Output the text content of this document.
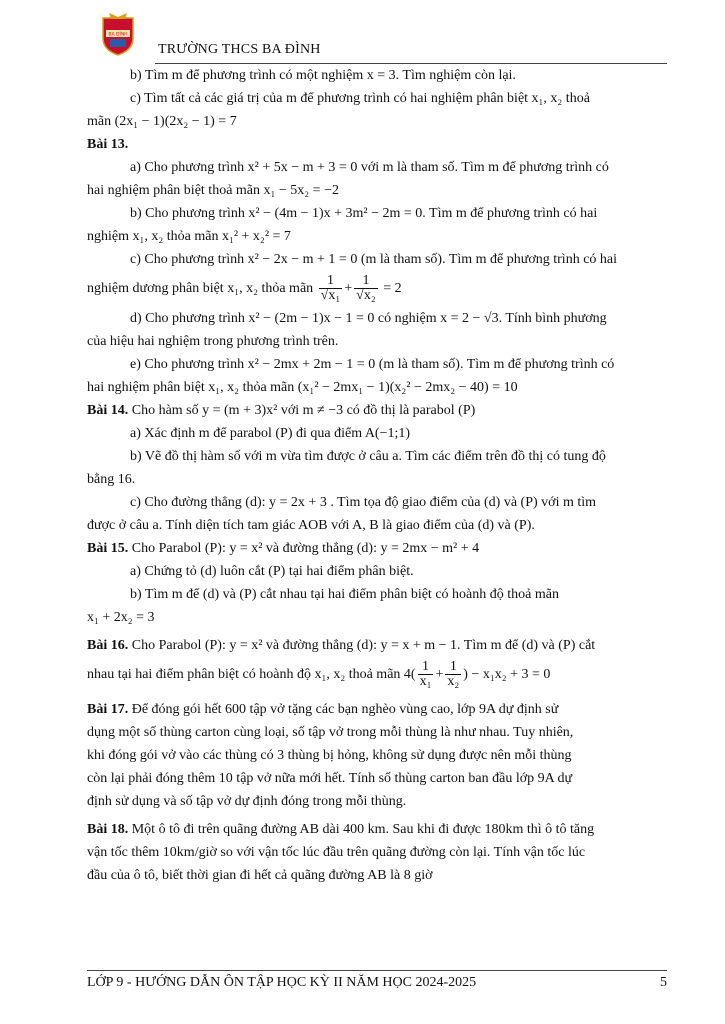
BA ĐÌNH
TRƯỜNG THCS BA ĐÌNH

b) Tìm m để phương trình có một nghiệm x = 3. Tìm nghiệm còn lại.

c) Tìm tất cả các giá trị của m để phương trình có hai nghiệm phân biệt x₁, x₂ thoả

mãn (2x₁ − 1)(2x₂ − 1) = 7

Bài 13.

a) Cho phương trình x² + 5x − m + 3 = 0 với m là tham số. Tìm m để phương trình có

hai nghiệm phân biệt thoả mãn x₁ − 5x₂ = −2

b) Cho phương trình x² − (4m − 1)x + 3m² − 2m = 0. Tìm m để phương trình có hai

nghiệm x₁, x₂ thỏa mãn x₁² + x₂² = 7

c) Cho phương trình x² − 2x − m + 1 = 0 (m là tham số). Tìm m để phương trình có hai

nghiệm dương phân biệt x₁, x₂ thỏa mãn $\frac{1}{\text{√x₁}} + \frac{1}{\text{√x₂}} = 2$

d) Cho phương trình x² − (2m − 1)x − 1 = 0 có nghiệm x = 2 − √3. Tính bình phương

của hiệu hai nghiệm trong phương trình trên.

e) Cho phương trình x² − 2mx + 2m − 1 = 0 (m là tham số). Tìm m để phương trình có

hai nghiệm phân biệt x₁, x₂ thỏa mãn (x₁² − 2mx₁ − 1)(x₂² − 2mx₂ − 40) = 10

Bài 14. Cho hàm số y = (m + 3)x² với m ≠ −3 có đồ thị là parabol (P)

a) Xác định m để parabol (P) đi qua điểm A(−1;1)

b) Vẽ đồ thị hàm số với m vừa tìm được ở câu a. Tìm các điểm trên đồ thị có tung độ

bằng 16.

c) Cho đường thẳng (d): y = 2x + 3 . Tìm tọa độ giao điểm của (d) và (P) với m tìm

được ở câu a. Tính diện tích tam giác AOB với A, B là giao điểm của (d) và (P).

Bài 15. Cho Parabol (P): y = x² và đường thẳng (d): y = 2mx − m² + 4

a) Chứng tỏ (d) luôn cắt (P) tại hai điểm phân biệt.

b) Tìm m để (d) và (P) cắt nhau tại hai điểm phân biệt có hoành độ thoả mãn

x₁ + 2x₂ = 3

Bài 16. Cho Parabol (P): y = x² và đường thẳng (d): y = x + m − 1. Tìm m để (d) và (P) cắt

nhau tại hai điểm phân biệt có hoành độ x₁, x₂ thoả mãn $4( \frac{1}{\text{x₁}} + \frac{1}{\text{x₂}}$ ) − x₁x₂ + 3 = 0

Bài 17. Để đóng gói hết 600 tập vở tặng các bạn nghèo vùng cao, lớp 9A dự định sử

dụng một số thùng carton cùng loại, số tập vở trong mỗi thùng là như nhau. Tuy nhiên,

khi đóng gói vở vào các thùng có 3 thùng bị hỏng, không sử dụng được nên mỗi thùng

còn lại phải đóng thêm 10 tập vở nữa mới hết. Tính số thùng carton ban đầu lớp 9A dự

định sử dụng và số tập vở dự định đóng trong mỗi thùng.

Bài 18. Một ô tô đi trên quãng đường AB dài 400 km. Sau khi đi được 180km thì ô tô tăng

vận tốc thêm 10km/giờ so với vận tốc lúc đầu trên quãng đường còn lại. Tính vận tốc lúc

đầu của ô tô, biết thời gian đi hết cả quãng đường AB là 8 giờ

LỚP 9 - HƯỚNG DẪN ÔN TẬP HỌC KỲ II NĂM HỌC 2024-2025	5
